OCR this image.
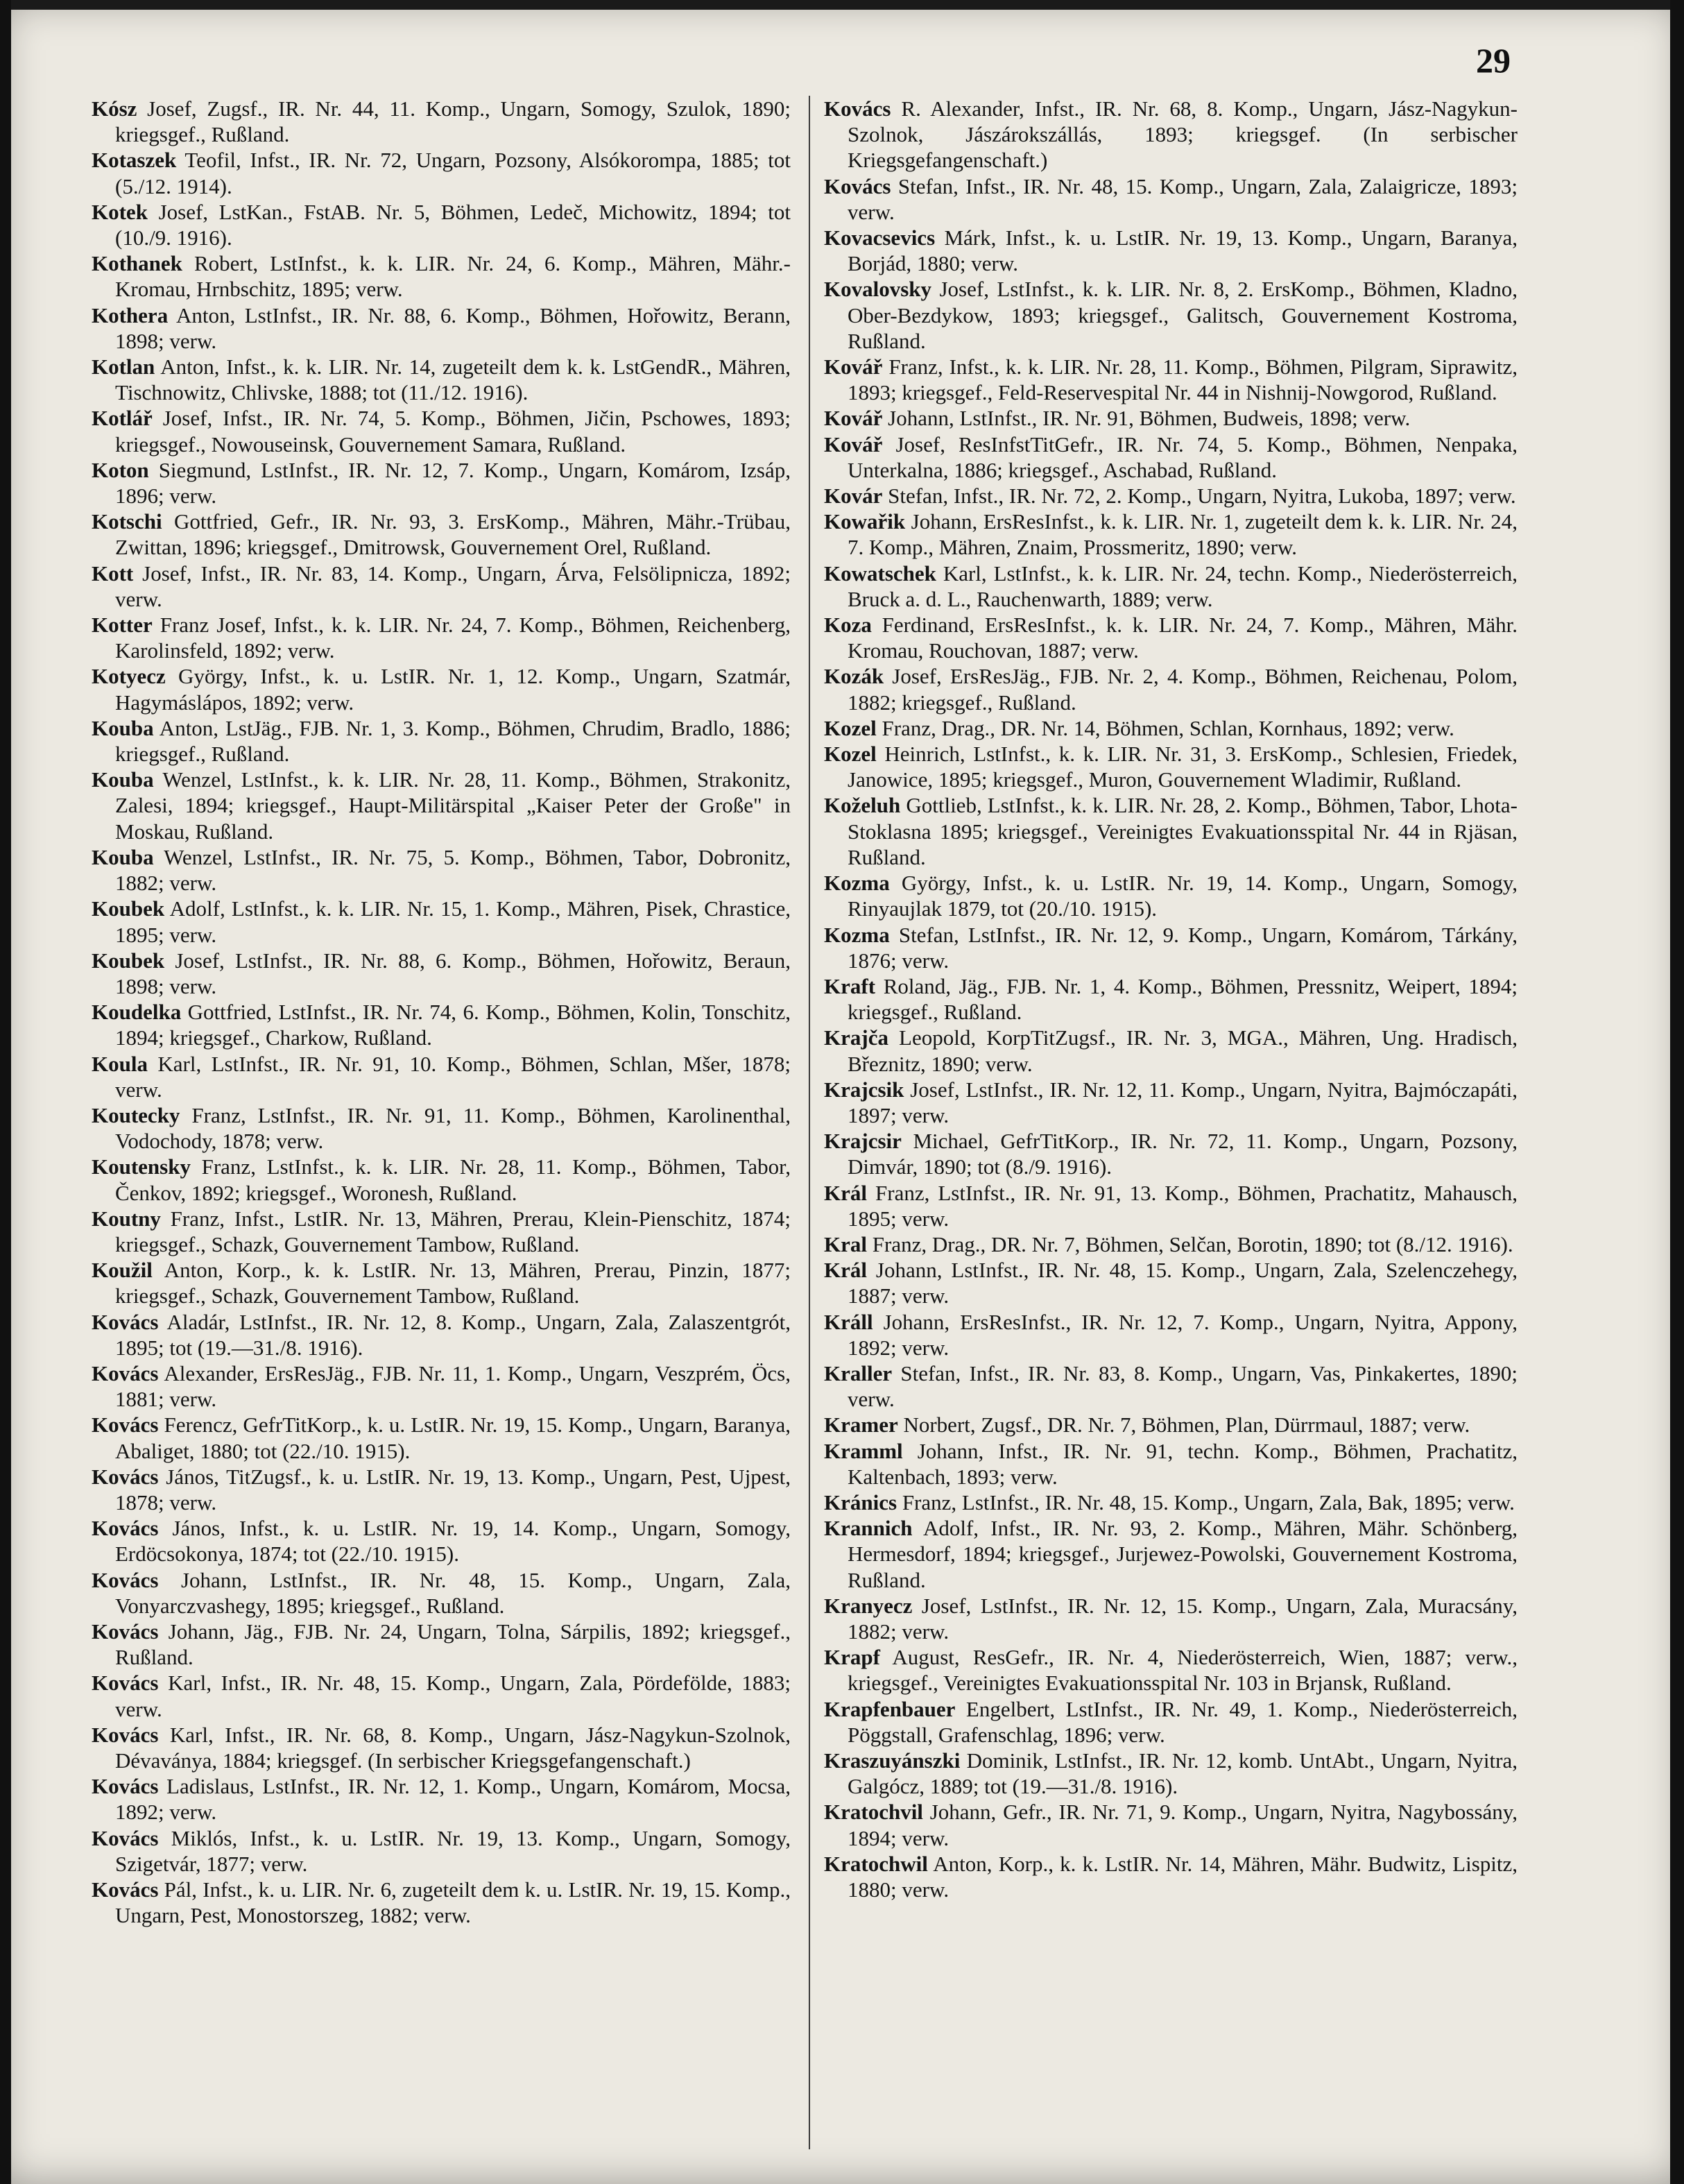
29

Kósz Josef, Zugsf., IR. Nr. 44, 11. Komp., Ungarn, Somogy, Szulok, 1890; kriegsgef., Rußland.

Kotaszek Teofil, Infst., IR. Nr. 72, Ungarn, Pozsony, Alsókorompa, 1885; tot (5./12. 1914).

Kotek Josef, LstKan., FstAB. Nr. 5, Böhmen, Ledeč, Michowitz, 1894; tot (10./9. 1916).

Kothanek Robert, LstInfst., k. k. LIR. Nr. 24, 6. Komp., Mähren, Mähr.-Kromau, Hrnbschitz, 1895; verw.

Kothera Anton, LstInfst., IR. Nr. 88, 6. Komp., Böhmen, Hořowitz, Berann, 1898; verw.

Kotlan Anton, Infst., k. k. LIR. Nr. 14, zugeteilt dem k. k. LstGendR., Mähren, Tischnowitz, Chlivske, 1888; tot (11./12. 1916).

Kotlář Josef, Infst., IR. Nr. 74, 5. Komp., Böhmen, Jičin, Pschowes, 1893; kriegsgef., Nowouseinsk, Gouvernement Samara, Rußland.

Koton Siegmund, LstInfst., IR. Nr. 12, 7. Komp., Ungarn, Komárom, Izsáp, 1896; verw.

Kotschi Gottfried, Gefr., IR. Nr. 93, 3. ErsKomp., Mähren, Mähr.-Trübau, Zwittan, 1896; kriegsgef., Dmitrowsk, Gouvernement Orel, Rußland.

Kott Josef, Infst., IR. Nr. 83, 14. Komp., Ungarn, Árva, Felsölipnicza, 1892; verw.

Kotter Franz Josef, Infst., k. k. LIR. Nr. 24, 7. Komp., Böhmen, Reichenberg, Karolinsfeld, 1892; verw.

Kotyecz György, Infst., k. u. LstIR. Nr. 1, 12. Komp., Ungarn, Szatmár, Hagymáslápos, 1892; verw.

Kouba Anton, LstJäg., FJB. Nr. 1, 3. Komp., Böhmen, Chrudim, Bradlo, 1886; kriegsgef., Rußland.

Kouba Wenzel, LstInfst., k. k. LIR. Nr. 28, 11. Komp., Böhmen, Strakonitz, Zalesi, 1894; kriegsgef., Haupt-Militärspital „Kaiser Peter der Große" in Moskau, Rußland.

Kouba Wenzel, LstInfst., IR. Nr. 75, 5. Komp., Böhmen, Tabor, Dobronitz, 1882; verw.

Koubek Adolf, LstInfst., k. k. LIR. Nr. 15, 1. Komp., Mähren, Pisek, Chrastice, 1895; verw.

Koubek Josef, LstInfst., IR. Nr. 88, 6. Komp., Böhmen, Hořowitz, Beraun, 1898; verw.

Koudelka Gottfried, LstInfst., IR. Nr. 74, 6. Komp., Böhmen, Kolin, Tonschitz, 1894; kriegsgef., Charkow, Rußland.

Koula Karl, LstInfst., IR. Nr. 91, 10. Komp., Böhmen, Schlan, Mšer, 1878; verw.

Koutecky Franz, LstInfst., IR. Nr. 91, 11. Komp., Böhmen, Karolinenthal, Vodochody, 1878; verw.

Koutensky Franz, LstInfst., k. k. LIR. Nr. 28, 11. Komp., Böhmen, Tabor, Čenkov, 1892; kriegsgef., Woronesh, Rußland.

Koutny Franz, Infst., LstIR. Nr. 13, Mähren, Prerau, Klein-Pienschitz, 1874; kriegsgef., Schazk, Gouvernement Tambow, Rußland.

Koužil Anton, Korp., k. k. LstIR. Nr. 13, Mähren, Prerau, Pinzin, 1877; kriegsgef., Schazk, Gouvernement Tambow, Rußland.

Kovács Aladár, LstInfst., IR. Nr. 12, 8. Komp., Ungarn, Zala, Zalaszentgrót, 1895; tot (19.—31./8. 1916).

Kovács Alexander, ErsResJäg., FJB. Nr. 11, 1. Komp., Ungarn, Veszprém, Öcs, 1881; verw.

Kovács Ferencz, GefrTitKorp., k. u. LstIR. Nr. 19, 15. Komp., Ungarn, Baranya, Abaliget, 1880; tot (22./10. 1915).

Kovács János, TitZugsf., k. u. LstIR. Nr. 19, 13. Komp., Ungarn, Pest, Ujpest, 1878; verw.

Kovács János, Infst., k. u. LstIR. Nr. 19, 14. Komp., Ungarn, Somogy, Erdöcsokonya, 1874; tot (22./10. 1915).

Kovács Johann, LstInfst., IR. Nr. 48, 15. Komp., Ungarn, Zala, Vonyarczvashegy, 1895; kriegsgef., Rußland.

Kovács Johann, Jäg., FJB. Nr. 24, Ungarn, Tolna, Sárpilis, 1892; kriegsgef., Rußland.

Kovács Karl, Infst., IR. Nr. 48, 15. Komp., Ungarn, Zala, Pördefölde, 1883; verw.

Kovács Karl, Infst., IR. Nr. 68, 8. Komp., Ungarn, Jász-Nagykun-Szolnok, Dévaványa, 1884; kriegsgef. (In serbischer Kriegsgefangenschaft.)

Kovács Ladislaus, LstInfst., IR. Nr. 12, 1. Komp., Ungarn, Komárom, Mocsa, 1892; verw.

Kovács Miklós, Infst., k. u. LstIR. Nr. 19, 13. Komp., Ungarn, Somogy, Szigetvár, 1877; verw.

Kovács Pál, Infst., k. u. LIR. Nr. 6, zugeteilt dem k. u. LstIR. Nr. 19, 15. Komp., Ungarn, Pest, Monostorszeg, 1882; verw.

Kovács R. Alexander, Infst., IR. Nr. 68, 8. Komp., Ungarn, Jász-Nagykun-Szolnok, Jászárokszállás, 1893; kriegsgef. (In serbischer Kriegsgefangenschaft.)

Kovács Stefan, Infst., IR. Nr. 48, 15. Komp., Ungarn, Zala, Zalaigricze, 1893; verw.

Kovacsevics Márk, Infst., k. u. LstIR. Nr. 19, 13. Komp., Ungarn, Baranya, Borjád, 1880; verw.

Kovalovsky Josef, LstInfst., k. k. LIR. Nr. 8, 2. ErsKomp., Böhmen, Kladno, Ober-Bezdykow, 1893; kriegsgef., Galitsch, Gouvernement Kostroma, Rußland.

Kovář Franz, Infst., k. k. LIR. Nr. 28, 11. Komp., Böhmen, Pilgram, Siprawitz, 1893; kriegsgef., Feld-Reservespital Nr. 44 in Nishnij-Nowgorod, Rußland.

Kovář Johann, LstInfst., IR. Nr. 91, Böhmen, Budweis, 1898; verw.

Kovář Josef, ResInfstTitGefr., IR. Nr. 74, 5. Komp., Böhmen, Nenpaka, Unterkalna, 1886; kriegsgef., Aschabad, Rußland.

Kovár Stefan, Infst., IR. Nr. 72, 2. Komp., Ungarn, Nyitra, Lukoba, 1897; verw.

Kowařik Johann, ErsResInfst., k. k. LIR. Nr. 1, zugeteilt dem k. k. LIR. Nr. 24, 7. Komp., Mähren, Znaim, Prossmeritz, 1890; verw.

Kowatschek Karl, LstInfst., k. k. LIR. Nr. 24, techn. Komp., Niederösterreich, Bruck a. d. L., Rauchenwarth, 1889; verw.

Koza Ferdinand, ErsResInfst., k. k. LIR. Nr. 24, 7. Komp., Mähren, Mähr. Kromau, Rouchovan, 1887; verw.

Kozák Josef, ErsResJäg., FJB. Nr. 2, 4. Komp., Böhmen, Reichenau, Polom, 1882; kriegsgef., Rußland.

Kozel Franz, Drag., DR. Nr. 14, Böhmen, Schlan, Kornhaus, 1892; verw.

Kozel Heinrich, LstInfst., k. k. LIR. Nr. 31, 3. ErsKomp., Schlesien, Friedek, Janowice, 1895; kriegsgef., Muron, Gouvernement Wladimir, Rußland.

Koželuh Gottlieb, LstInfst., k. k. LIR. Nr. 28, 2. Komp., Böhmen, Tabor, Lhota-Stoklasna 1895; kriegsgef., Vereinigtes Evakuationsspital Nr. 44 in Rjäsan, Rußland.

Kozma György, Infst., k. u. LstIR. Nr. 19, 14. Komp., Ungarn, Somogy, Rinyaujlak 1879, tot (20./10. 1915).

Kozma Stefan, LstInfst., IR. Nr. 12, 9. Komp., Ungarn, Komárom, Tárkány, 1876; verw.

Kraft Roland, Jäg., FJB. Nr. 1, 4. Komp., Böhmen, Pressnitz, Weipert, 1894; kriegsgef., Rußland.

Krajča Leopold, KorpTitZugsf., IR. Nr. 3, MGA., Mähren, Ung. Hradisch, Březnitz, 1890; verw.

Krajcsik Josef, LstInfst., IR. Nr. 12, 11. Komp., Ungarn, Nyitra, Bajmóczapáti, 1897; verw.

Krajcsir Michael, GefrTitKorp., IR. Nr. 72, 11. Komp., Ungarn, Pozsony, Dimvár, 1890; tot (8./9. 1916).

Král Franz, LstInfst., IR. Nr. 91, 13. Komp., Böhmen, Prachatitz, Mahausch, 1895; verw.

Kral Franz, Drag., DR. Nr. 7, Böhmen, Selčan, Borotin, 1890; tot (8./12. 1916).

Král Johann, LstInfst., IR. Nr. 48, 15. Komp., Ungarn, Zala, Szelenczehegy, 1887; verw.

Králl Johann, ErsResInfst., IR. Nr. 12, 7. Komp., Ungarn, Nyitra, Appony, 1892; verw.

Kraller Stefan, Infst., IR. Nr. 83, 8. Komp., Ungarn, Vas, Pinkakertes, 1890; verw.

Kramer Norbert, Zugsf., DR. Nr. 7, Böhmen, Plan, Dürrmaul, 1887; verw.

Kramml Johann, Infst., IR. Nr. 91, techn. Komp., Böhmen, Prachatitz, Kaltenbach, 1893; verw.

Kránics Franz, LstInfst., IR. Nr. 48, 15. Komp., Ungarn, Zala, Bak, 1895; verw.

Krannich Adolf, Infst., IR. Nr. 93, 2. Komp., Mähren, Mähr. Schönberg, Hermesdorf, 1894; kriegsgef., Jurjewez-Powolski, Gouvernement Kostroma, Rußland.

Kranyecz Josef, LstInfst., IR. Nr. 12, 15. Komp., Ungarn, Zala, Muracsány, 1882; verw.

Krapf August, ResGefr., IR. Nr. 4, Niederösterreich, Wien, 1887; verw., kriegsgef., Vereinigtes Evakuationsspital Nr. 103 in Brjansk, Rußland.

Krapfenbauer Engelbert, LstInfst., IR. Nr. 49, 1. Komp., Niederösterreich, Pöggstall, Grafenschlag, 1896; verw.

Kraszuyánszki Dominik, LstInfst., IR. Nr. 12, komb. UntAbt., Ungarn, Nyitra, Galgócz, 1889; tot (19.—31./8. 1916).

Kratochvil Johann, Gefr., IR. Nr. 71, 9. Komp., Ungarn, Nyitra, Nagybossány, 1894; verw.

Kratochwil Anton, Korp., k. k. LstIR. Nr. 14, Mähren, Mähr. Budwitz, Lispitz, 1880; verw.
